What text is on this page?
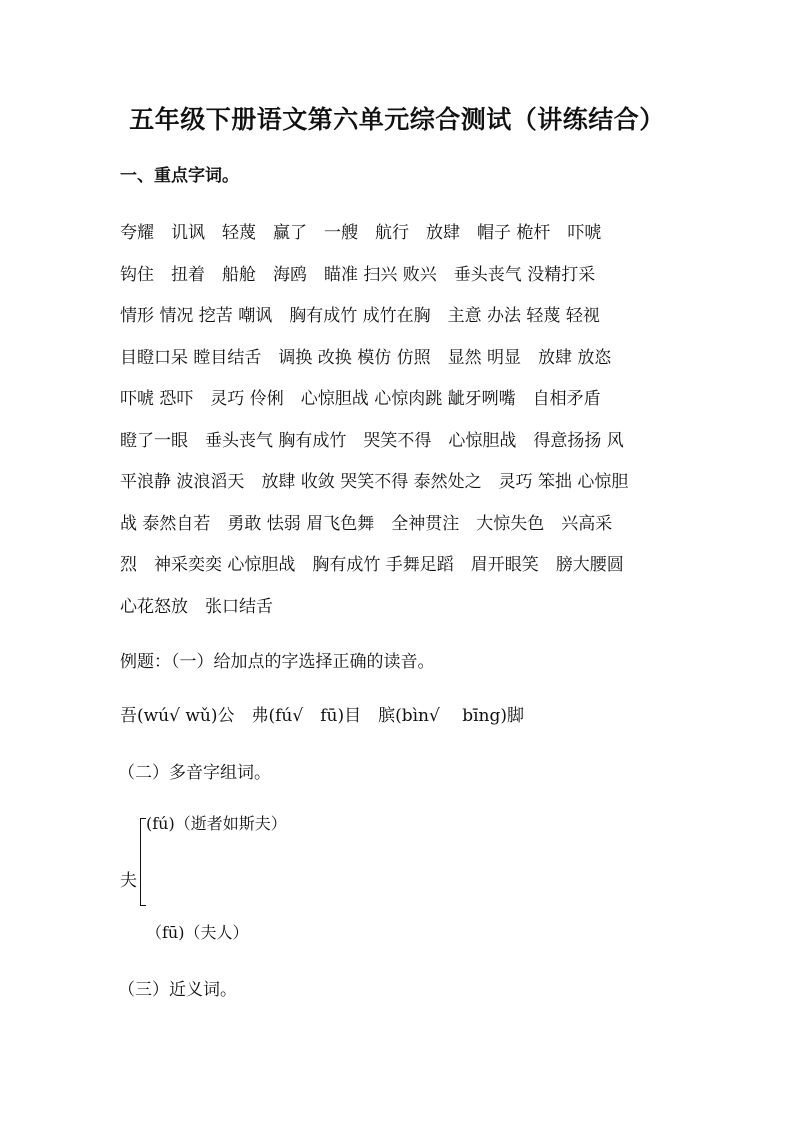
五年级下册语文第六单元综合测试（讲练结合）
一、重点字词。
夸耀　讥讽　轻蔑　赢了　一艘　航行　放肆　帽子 桅杆　吓唬
钩住　扭着　船舱　海鸥　瞄准 扫兴 败兴　垂头丧气 没精打采
情形 情况 挖苦 嘲讽　胸有成竹 成竹在胸　主意 办法 轻蔑 轻视
目瞪口呆 瞠目结舌　调换 改换 模仿 仿照　显然 明显　放肆 放恣
吓唬 恐吓　灵巧 伶俐　心惊胆战 心惊肉跳 龇牙咧嘴　自相矛盾
瞪了一眼　垂头丧气 胸有成竹　哭笑不得　心惊胆战　得意扬扬 风
平浪静 波浪滔天　放肆 收敛 哭笑不得 泰然处之　灵巧 笨拙 心惊胆
战 泰然自若　勇敢 怯弱 眉飞色舞　全神贯注　大惊失色　兴高采
烈　神采奕奕 心惊胆战　胸有成竹 手舞足蹈　眉开眼笑　膀大腰圆
心花怒放　张口结舌
例题：（一）给加点的字选择正确的读音。
吾(wú√ wǔ)公　弗(fú√　fū)目　膑(bìn√　 bīng)脚
（二）多音字组词。
夫
(fú)（逝者如斯夫）
（fū)（夫人）
（三）近义词。
